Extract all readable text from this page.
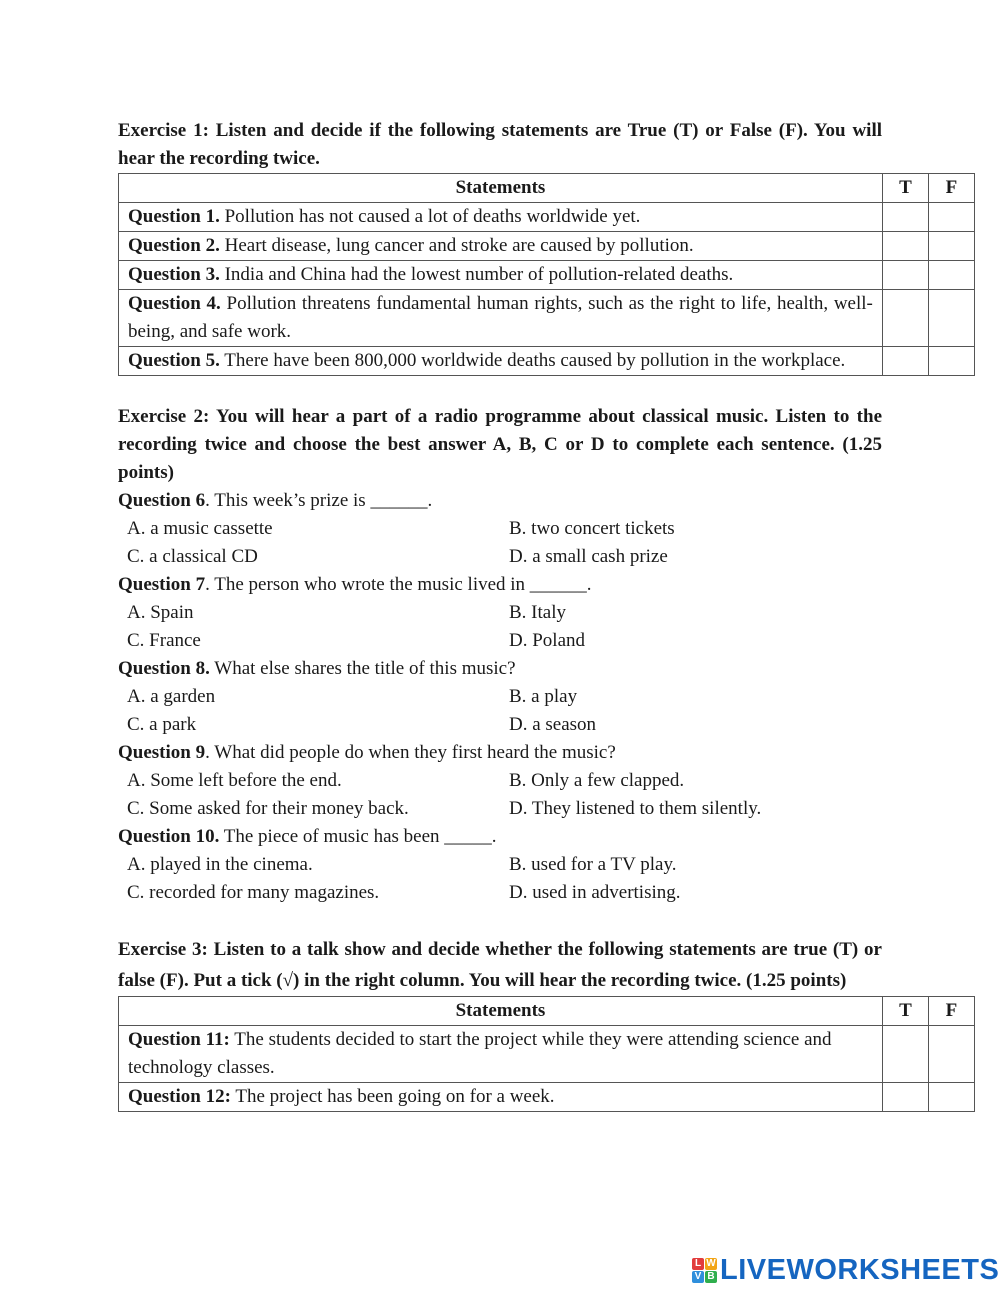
Exercise 1: Listen and decide if the following statements are True (T) or False (F). You will hear the recording twice.
Statements	T	F
Question 1. Pollution has not caused a lot of deaths worldwide yet.		
Question 2. Heart disease, lung cancer and stroke are caused by pollution.		
Question 3. India and China had the lowest number of pollution-related deaths.		
Question 4. Pollution threatens fundamental human rights, such as the right to life, health, well-being, and safe work.		
Question 5. There have been 800,000 worldwide deaths caused by pollution in the workplace.		
Exercise 2: You will hear a part of a radio programme about classical music. Listen to the recording twice and choose the best answer A, B, C or D to complete each sentence. (1.25 points)
Question 6. This week’s prize is ______.
A. a music cassette	B. two concert tickets
C. a classical CD	D. a small cash prize
Question 7. The person who wrote the music lived in ______.
A. Spain	B. Italy
C. France	D. Poland
Question 8. What else shares the title of this music?
A. a garden	B. a play
C. a park	D. a season
Question 9. What did people do when they first heard the music?
A. Some left before the end.	B. Only a few clapped.
C. Some asked for their money back.	D. They listened to them silently.
Question 10. The piece of music has been _____.
A. played in the cinema.	B. used for a TV play.
C. recorded for many magazines.	D. used in advertising.
Exercise 3: Listen to a talk show and decide whether the following statements are true (T) or false (F). Put a tick (√) in the right column. You will hear the recording twice. (1.25 points)
Statements	T	F
Question 11: The students decided to start the project while they were attending science and technology classes.		
Question 12: The project has been going on for a week.		
L W
V B LIVEWORKSHEETS
